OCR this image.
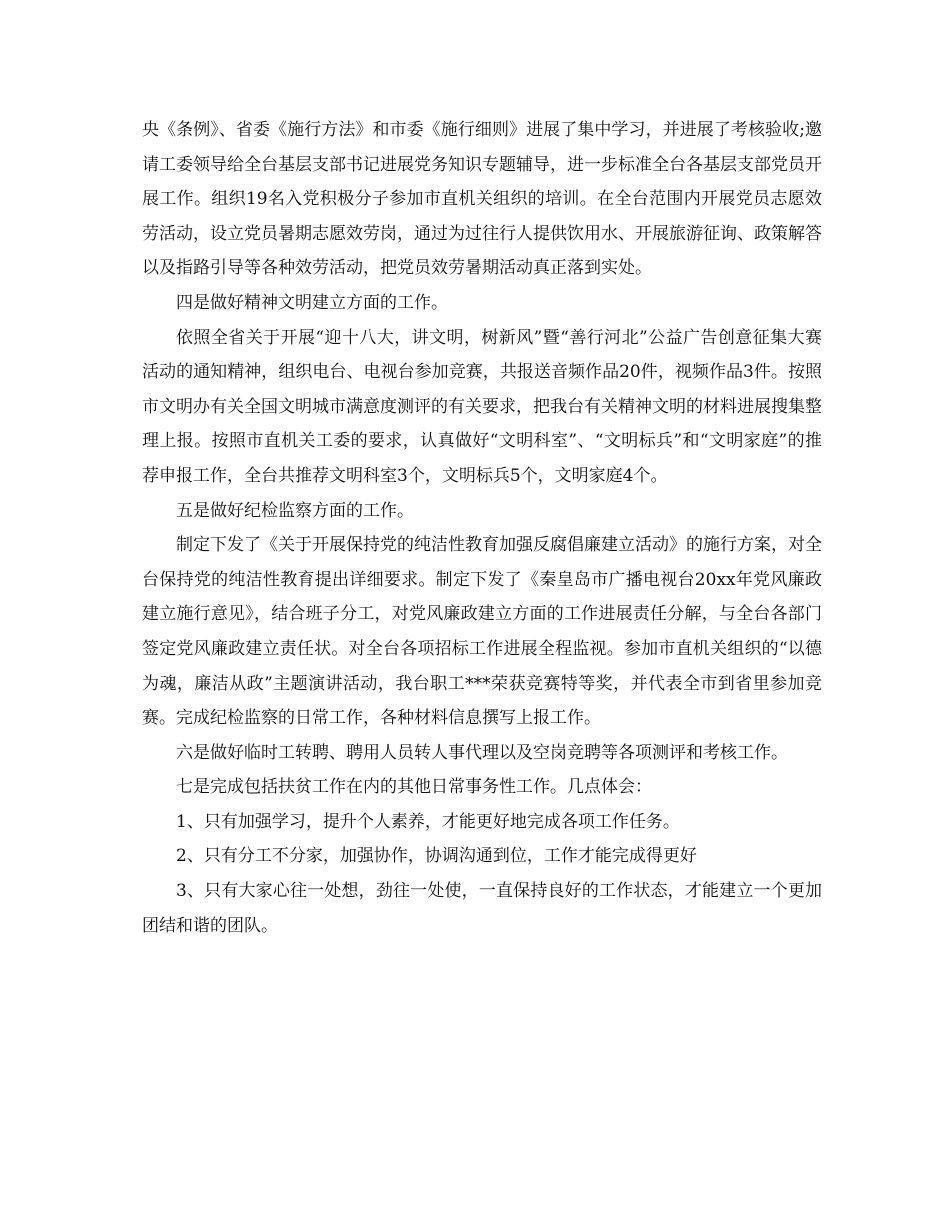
央《条例》、省委《施行方法》和市委《施行细则》进展了集中学习，并进展了考核验收;邀请工委领导给全台基层支部书记进展党务知识专题辅导，进一步标准全台各基层支部党员开展工作。组织19名入党积极分子参加市直机关组织的培训。在全台范围内开展党员志愿效劳活动，设立党员暑期志愿效劳岗，通过为过往行人提供饮用水、开展旅游征询、政策解答以及指路引导等各种效劳活动，把党员效劳暑期活动真正落到实处。

四是做好精神文明建立方面的工作。

依照全省关于开展“迎十八大，讲文明，树新风”暨“善行河北”公益广告创意征集大赛活动的通知精神，组织电台、电视台参加竞赛，共报送音频作品20件，视频作品3件。按照市文明办有关全国文明城市满意度测评的有关要求，把我台有关精神文明的材料进展搜集整理上报。按照市直机关工委的要求，认真做好“文明科室”、“文明标兵”和“文明家庭”的推荐申报工作，全台共推荐文明科室3个，文明标兵5个，文明家庭4个。

五是做好纪检监察方面的工作。

制定下发了《关于开展保持党的纯洁性教育加强反腐倡廉建立活动》的施行方案，对全台保持党的纯洁性教育提出详细要求。制定下发了《秦皇岛市广播电视台20xx年党风廉政建立施行意见》，结合班子分工，对党风廉政建立方面的工作进展责任分解，与全台各部门签定党风廉政建立责任状。对全台各项招标工作进展全程监视。参加市直机关组织的“以德为魂，廉洁从政”主题演讲活动，我台职工***荣获竞赛特等奖，并代表全市到省里参加竞赛。完成纪检监察的日常工作，各种材料信息撰写上报工作。

六是做好临时工转聘、聘用人员转人事代理以及空岗竞聘等各项测评和考核工作。

七是完成包括扶贫工作在内的其他日常事务性工作。几点体会：

1、只有加强学习，提升个人素养，才能更好地完成各项工作任务。

2、只有分工不分家，加强协作，协调沟通到位，工作才能完成得更好

3、只有大家心往一处想，劲往一处使，一直保持良好的工作状态，才能建立一个更加团结和谐的团队。
